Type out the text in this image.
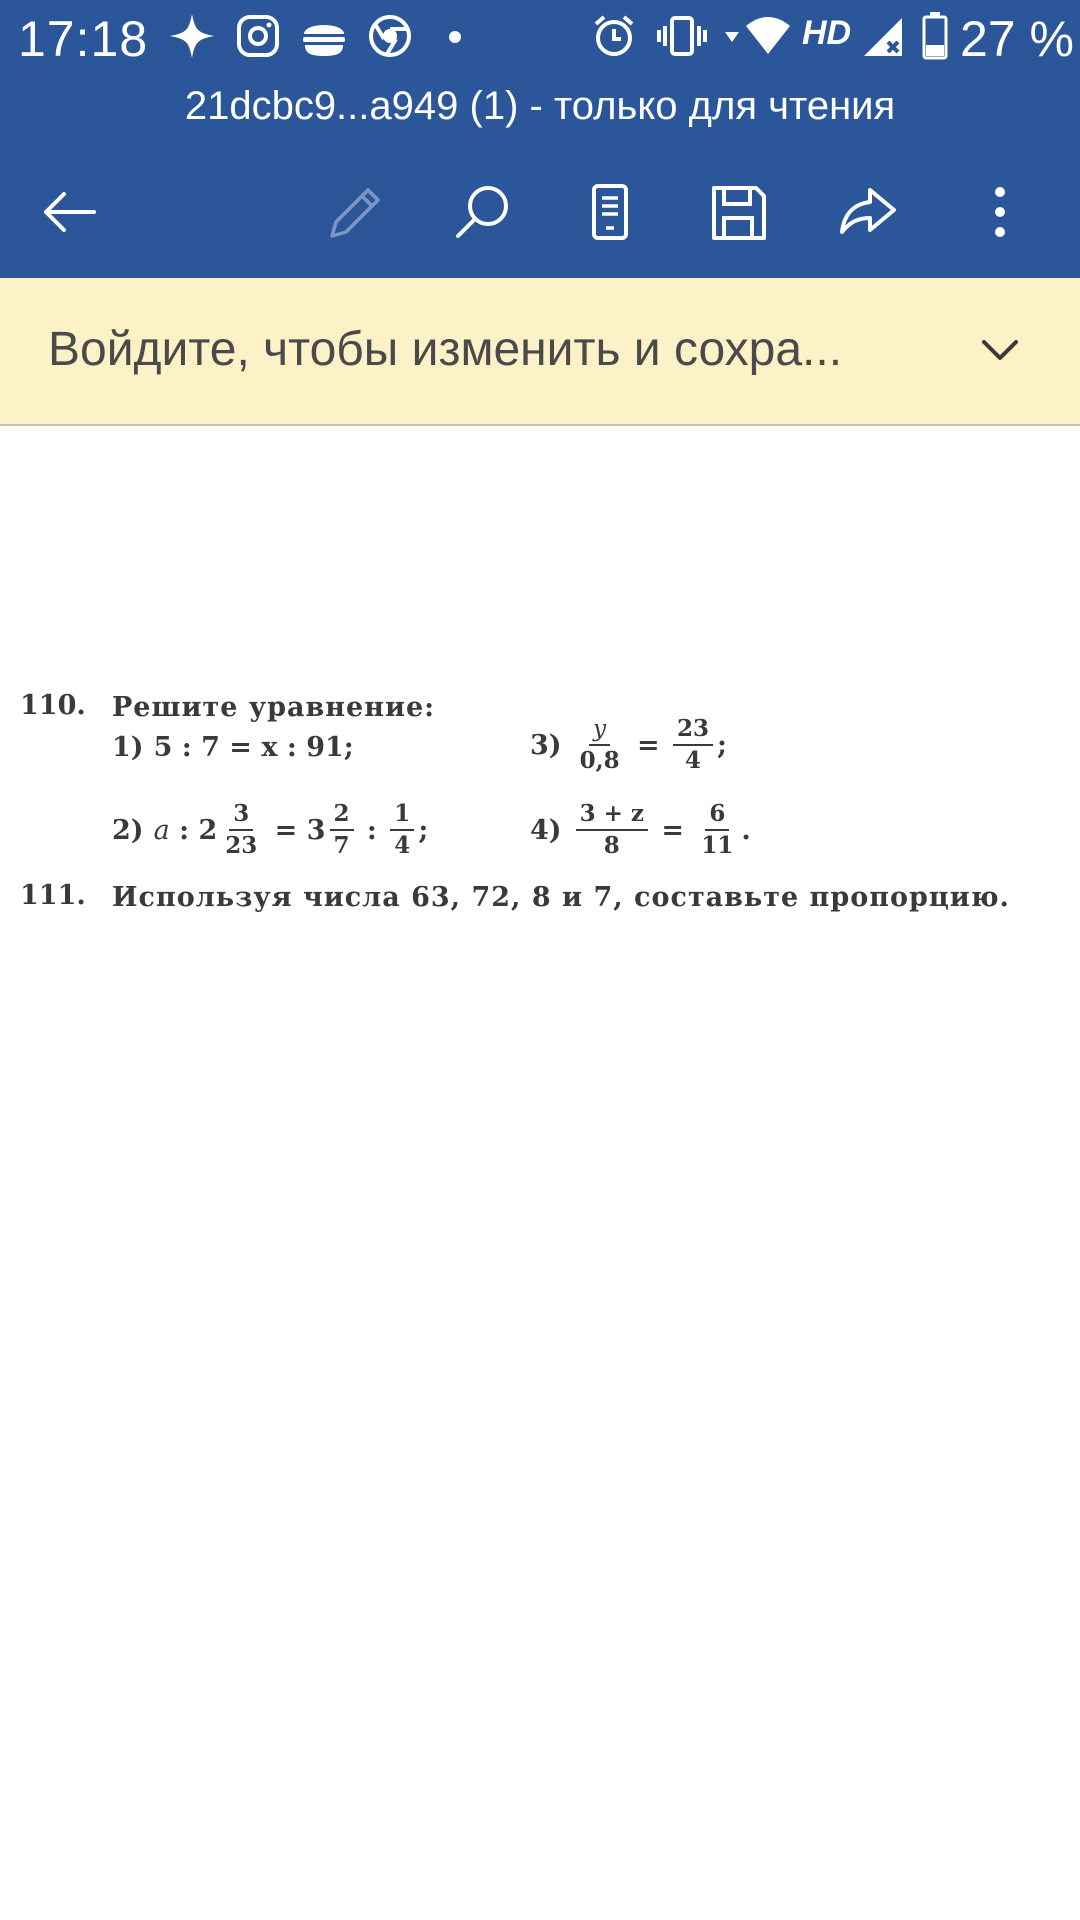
17:18	HD 27 %
21dcbc9...a949 (1) - только для чтения
Войдите, чтобы изменить и сохра...
110. Решите уравнение:
1) 5 : 7 = x : 91;	$3) \frac{y}{0,8} = \frac{23}{4}$ ;
2) a : $2 \frac{3}{23} = 3 \frac{2}{7}$ : $\frac{1}{4}$ ;	$4) \frac{3 + z}{8} = \frac{6}{11}$ .
111. Используя числа 63, 72, 8 и 7, составьте пропорцию.
